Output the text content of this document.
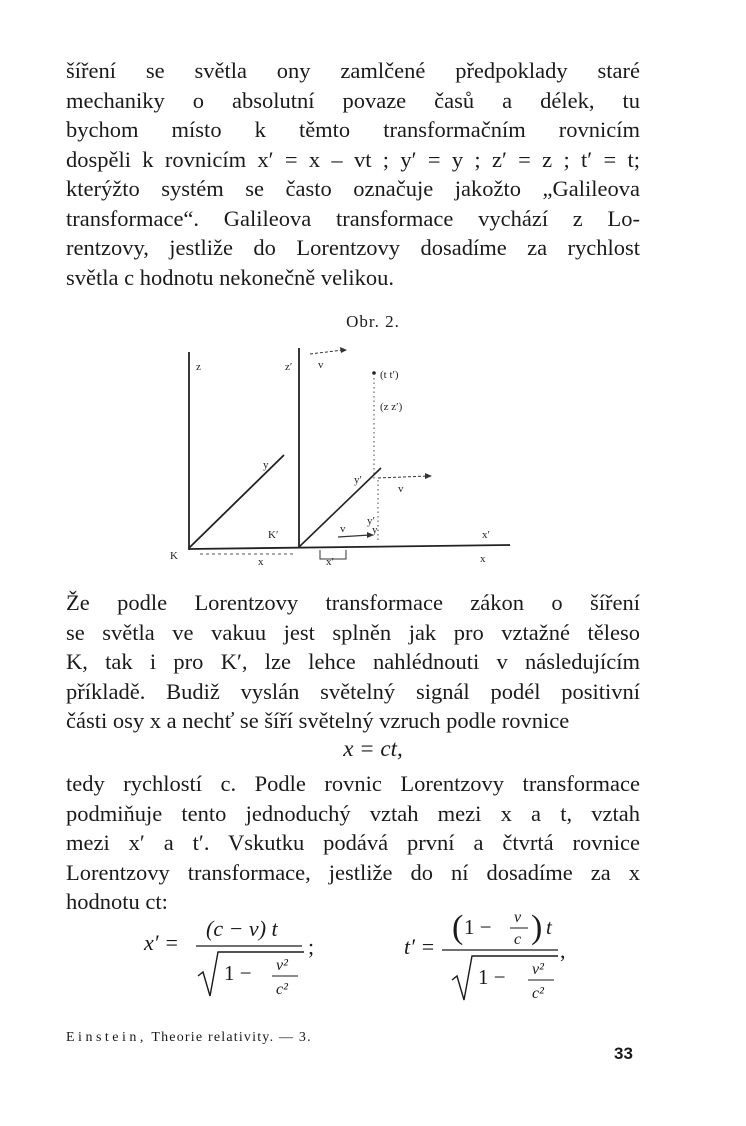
šíření se světla ony zamlčené předpoklady staré
mechaniky o absolutní povaze časů a délek, tu
bychom místo k těmto transformačním rovnicím
dospěli k rovnicím x′ = x – vt ; y′ = y ; z′ = z ; t′ = t;
kterýžto systém se často označuje jakožto „Galileova
transformace“. Galileova transformace vychází z Lo-
rentzovy, jestliže do Lorentzovy dosadíme za rychlost
světla c hodnotu nekonečně velikou.
Obr. 2.
z	z′ v
(t t′)
(z z′)
y
y′
v
y′
y
v
K
K′	x′
x
x	x′
Že podle Lorentzovy transformace zákon o šíření
se světla ve vakuu jest splněn jak pro vztažné těleso
K, tak i pro K′, lze lehce nahlédnouti v následujícím
příkladě. Budiž vyslán světelný signál podél positivní
části osy x a nechť se šíří světelný vzruch podle rovnice
x = ct,
tedy rychlostí c. Podle rovnic Lorentzovy transformace
podmiňuje tento jednoduchý vztah mezi x a t, vztah
mezi x′ a t′. Vskutku podává první a čtvrtá rovnice
Lorentzovy transformace, jestliže do ní dosadíme za x
hodnotu ct:
x′ =
(c − v) t
1 − v²
c²
;	t′ =
( 1 − v
c ) t
1 − v²
c²
,
Einstein, Theorie relativity. — 3.
33
